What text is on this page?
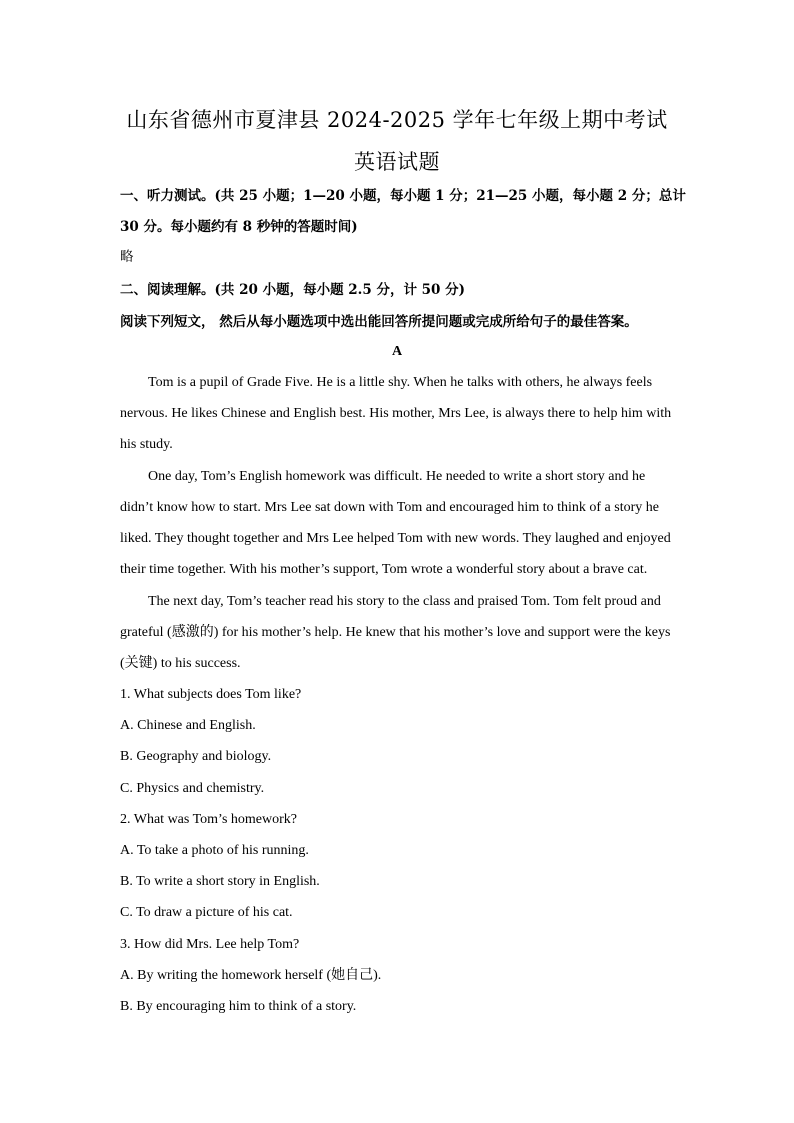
山东省德州市夏津县 2024-2025 学年七年级上期中考试
英语试题
一、听力测试。(共 25 小题；1—20 小题，每小题 1 分；21—25 小题，每小题 2 分；总计
30 分。每小题约有 8 秒钟的答题时间)
略
二、阅读理解。(共 20 小题，每小题 2.5 分，计 50 分)
阅读下列短文， 然后从每小题选项中选出能回答所提问题或完成所给句子的最佳答案。
A
Tom is a pupil of Grade Five. He is a little shy. When he talks with others, he always feels
nervous. He likes Chinese and English best. His mother, Mrs Lee, is always there to help him with
his study.
One day, Tom’s English homework was difficult. He needed to write a short story and he
didn’t know how to start. Mrs Lee sat down with Tom and encouraged him to think of a story he
liked. They thought together and Mrs Lee helped Tom with new words. They laughed and enjoyed
their time together. With his mother’s support, Tom wrote a wonderful story about a brave cat.
The next day, Tom’s teacher read his story to the class and praised Tom. Tom felt proud and
grateful (感激的) for his mother’s help. He knew that his mother’s love and support were the keys
(关键) to his success.
1. What subjects does Tom like?
A. Chinese and English.
B. Geography and biology.
C. Physics and chemistry.
2. What was Tom’s homework?
A. To take a photo of his running.
B. To write a short story in English.
C. To draw a picture of his cat.
3. How did Mrs. Lee help Tom?
A. By writing the homework herself (她自己).
B. By encouraging him to think of a story.
